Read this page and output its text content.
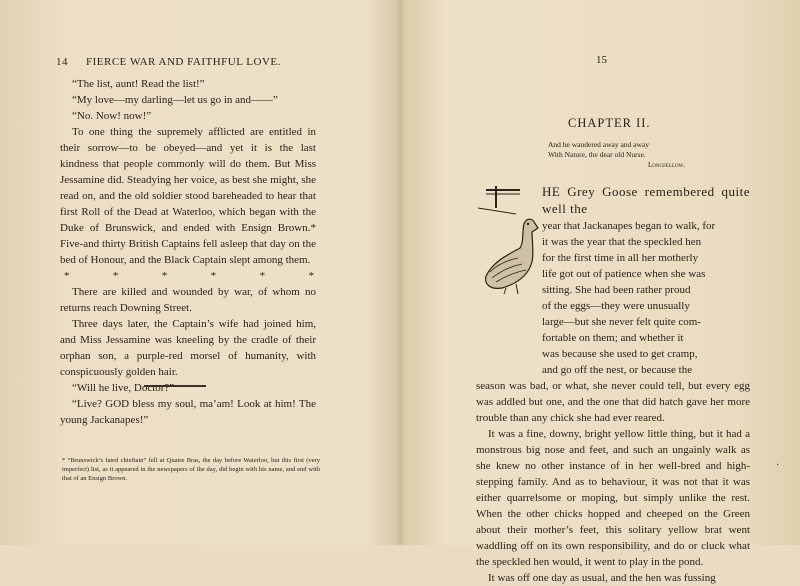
14 FIERCE WAR AND FAITHFUL LOVE.

“The list, aunt! Read the list!”

“My love—my darling—let us go in and——”

“No. Now! now!”

To one thing the supremely afflicted are entitled in their sorrow—to be obeyed—and yet it is the last kindness that people commonly will do them. But Miss Jessamine did. Steadying her voice, as best she might, she read on, and the old soldier stood bareheaded to hear that first Roll of the Dead at Waterloo, which began with the Duke of Brunswick, and ended with Ensign Brown.* Five-and thirty British Captains fell asleep that day on the bed of Honour, and the Black Captain slept among them.

*	*	*	*	*	*

There are killed and wounded by war, of whom no returns reach Downing Street.

Three days later, the Captain’s wife had joined him, and Miss Jessamine was kneeling by the cradle of their orphan son, a purple-red morsel of humanity, with conspicuously golden hair.

“Will he live, Doctor?”

“Live? GOD bless my soul, ma’am! Look at him! The young Jackanapes!”

* “Brunswick’s fated chieftain” fell at Quatre Bras, the day before Waterloo, but this first (very imperfect) list, as it appeared in the newspapers of the day, did begin with his name, and end with that of an Ensign Brown.
15
CHAPTER II.
And he wandered away and away
With Nature, the dear old Nurse.
Longfellow.

HE Grey Goose remembered quite well the

year that Jackanapes began to walk, for
it was the year that the speckled hen
for the first time in all her motherly
life got out of patience when she was
sitting. She had been rather proud
of the eggs—they were unusually
large—but she never felt quite com-
fortable on them; and whether it
was because she used to get cramp,
and go off the nest, or because the

season was bad, or what, she never could tell, but every egg was addled but one, and the one that did hatch gave her more trouble than any chick she had ever reared.

It was a fine, downy, bright yellow little thing, but it had a monstrous big nose and feet, and such an ungainly walk as she knew no other instance of in her well-bred and high-stepping family. And as to behaviour, it was not that it was either quarrelsome or moping, but simply unlike the rest. When the other chicks hopped and cheeped on the Green about their mother’s feet, this solitary yellow brat went waddling off on its own responsibility, and do or cluck what the speckled hen would, it went to play in the pond.

It was off one day as usual, and the hen was fussing

·
